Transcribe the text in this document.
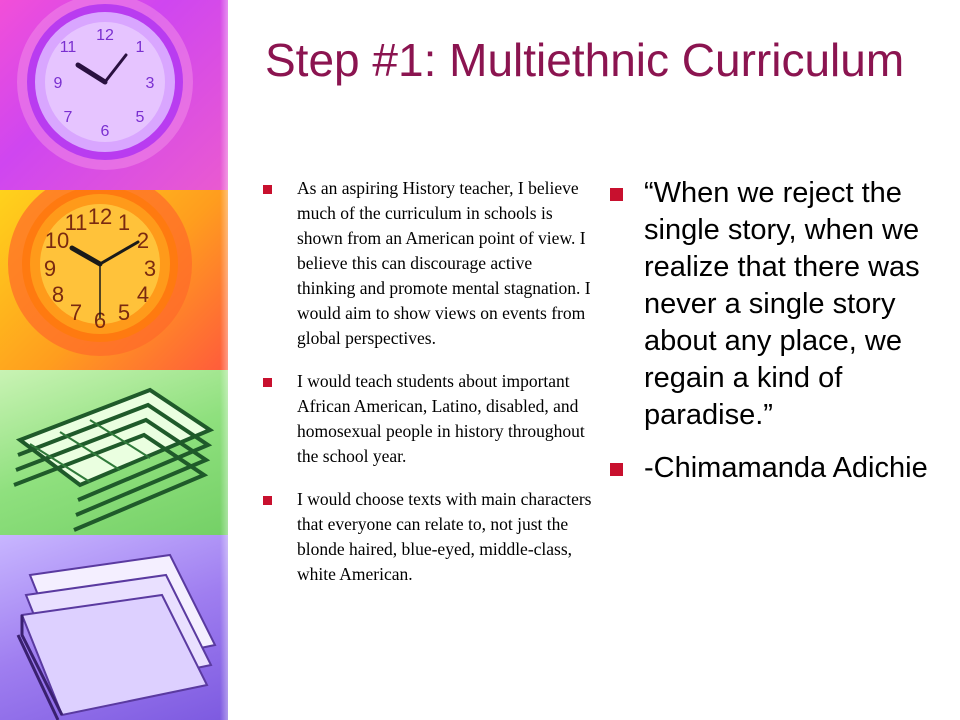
12
1
3
5
6
7
9
11
12 1
2
3
4
5
6
7
8
9
10
11
Step #1: Multiethnic Curriculum
As an aspiring History teacher, I believe much of the curriculum in schools is shown from an American point of view. I believe this can discourage active thinking and promote mental stagnation. I would aim to show views on events from global perspectives.
I would teach students about important African American, Latino, disabled, and homosexual people in history throughout the school year.
I would choose texts with main characters that everyone can relate to, not just the blonde haired, blue-eyed, middle-class, white American.
“When we reject the single story, when we realize that there was never a single story about any place, we regain a kind of paradise.”
-Chimamanda Adichie
